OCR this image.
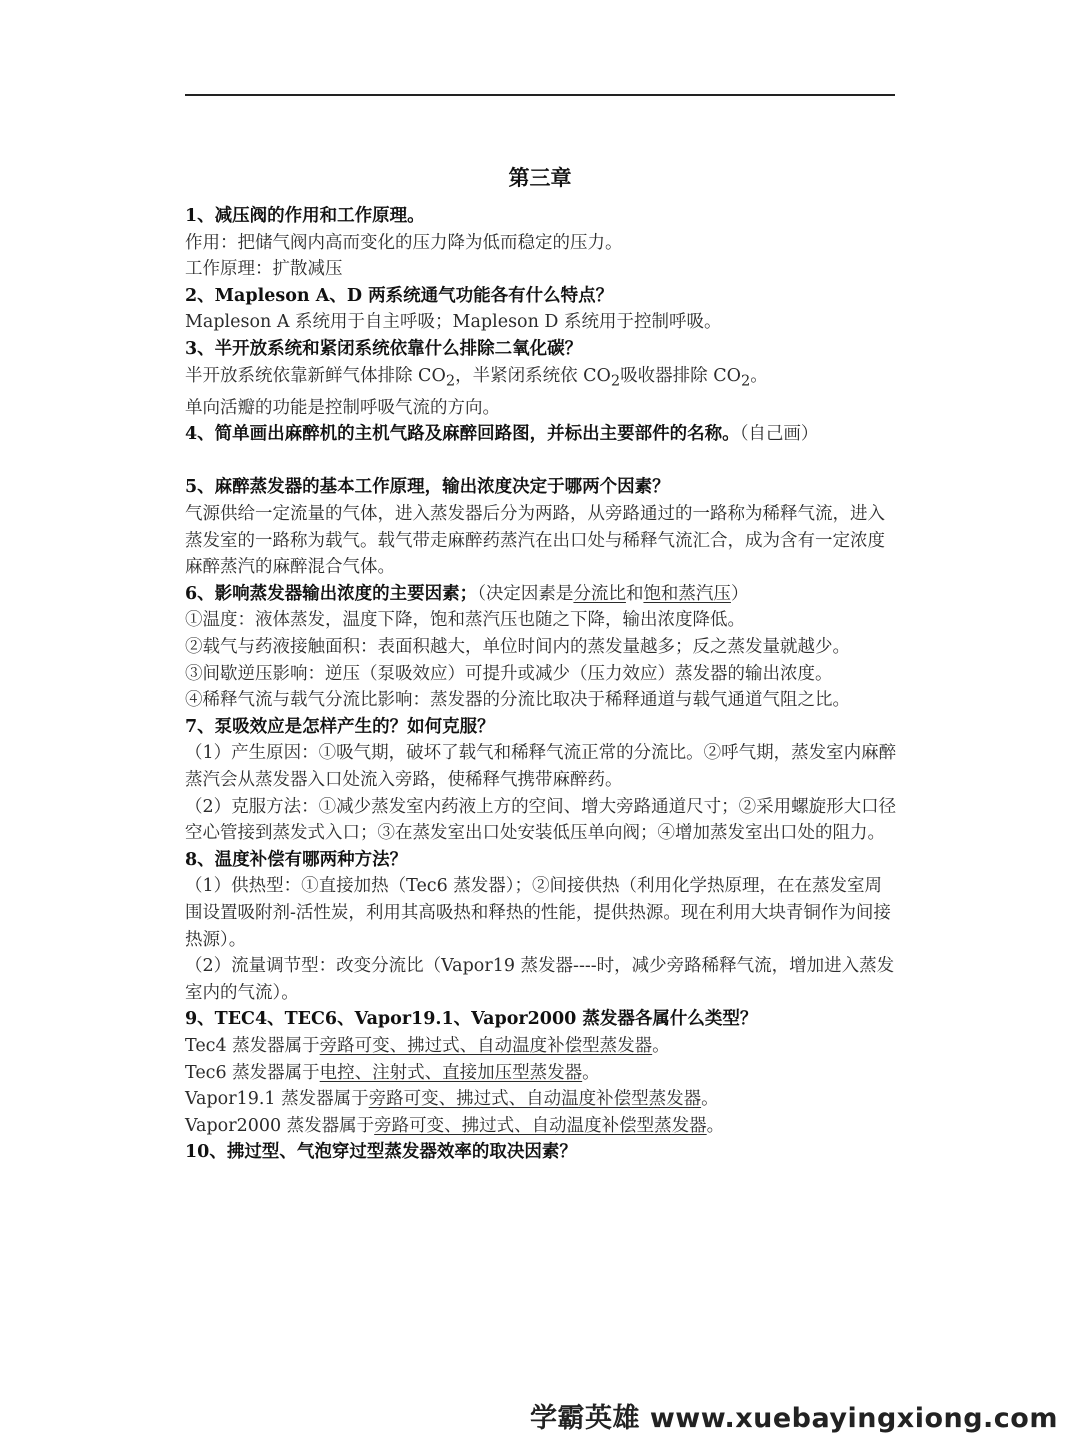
第三章

1、减压阀的作用和工作原理。

作用：把储气阀内高而变化的压力降为低而稳定的压力。

工作原理：扩散减压

2、Mapleson A、D 两系统通气功能各有什么特点？

Mapleson A 系统用于自主呼吸；Mapleson D 系统用于控制呼吸。

3、半开放系统和紧闭系统依靠什么排除二氧化碳？

半开放系统依靠新鲜气体排除 $CO_2$，半紧闭系统依 $CO_2$吸收器排除 $CO_2$。

单向活瓣的功能是控制呼吸气流的方向。

4、简单画出麻醉机的主机气路及麻醉回路图，并标出主要部件的名称。（自己画）

5、麻醉蒸发器的基本工作原理，输出浓度决定于哪两个因素？

气源供给一定流量的气体，进入蒸发器后分为两路，从旁路通过的一路称为稀释气流，进入蒸发室的一路称为载气。载气带走麻醉药蒸汽在出口处与稀释气流汇合，成为含有一定浓度麻醉蒸汽的麻醉混合气体。

6、影响蒸发器输出浓度的主要因素；（决定因素是分流比和饱和蒸汽压）

①温度：液体蒸发，温度下降，饱和蒸汽压也随之下降，输出浓度降低。

②载气与药液接触面积：表面积越大，单位时间内的蒸发量越多；反之蒸发量就越少。

③间歇逆压影响：逆压（泵吸效应）可提升或减少（压力效应）蒸发器的输出浓度。

④稀释气流与载气分流比影响：蒸发器的分流比取决于稀释通道与载气通道气阻之比。

7、泵吸效应是怎样产生的？如何克服？

（1）产生原因：①吸气期，破坏了载气和稀释气流正常的分流比。②呼气期，蒸发室内麻醉蒸汽会从蒸发器入口处流入旁路，使稀释气携带麻醉药。

（2）克服方法：①减少蒸发室内药液上方的空间、增大旁路通道尺寸；②采用螺旋形大口径空心管接到蒸发式入口；③在蒸发室出口处安装低压单向阀；④增加蒸发室出口处的阻力。

8、温度补偿有哪两种方法？

（1）供热型：①直接加热（Tec6 蒸发器）；②间接供热（利用化学热原理，在在蒸发室周围设置吸附剂-活性炭，利用其高吸热和释热的性能，提供热源。现在利用大块青铜作为间接热源）。

（2）流量调节型：改变分流比（Vapor19 蒸发器----时，减少旁路稀释气流，增加进入蒸发室内的气流）。

9、TEC4、TEC6、Vapor19.1、Vapor2000 蒸发器各属什么类型？

Tec4 蒸发器属于旁路可变、拂过式、自动温度补偿型蒸发器。

Tec6 蒸发器属于电控、注射式、直接加压型蒸发器。

Vapor19.1 蒸发器属于旁路可变、拂过式、自动温度补偿型蒸发器。

Vapor2000 蒸发器属于旁路可变、拂过式、自动温度补偿型蒸发器。

10、拂过型、气泡穿过型蒸发器效率的取决因素？

学霸英雄 www.xuebayingxiong.com
